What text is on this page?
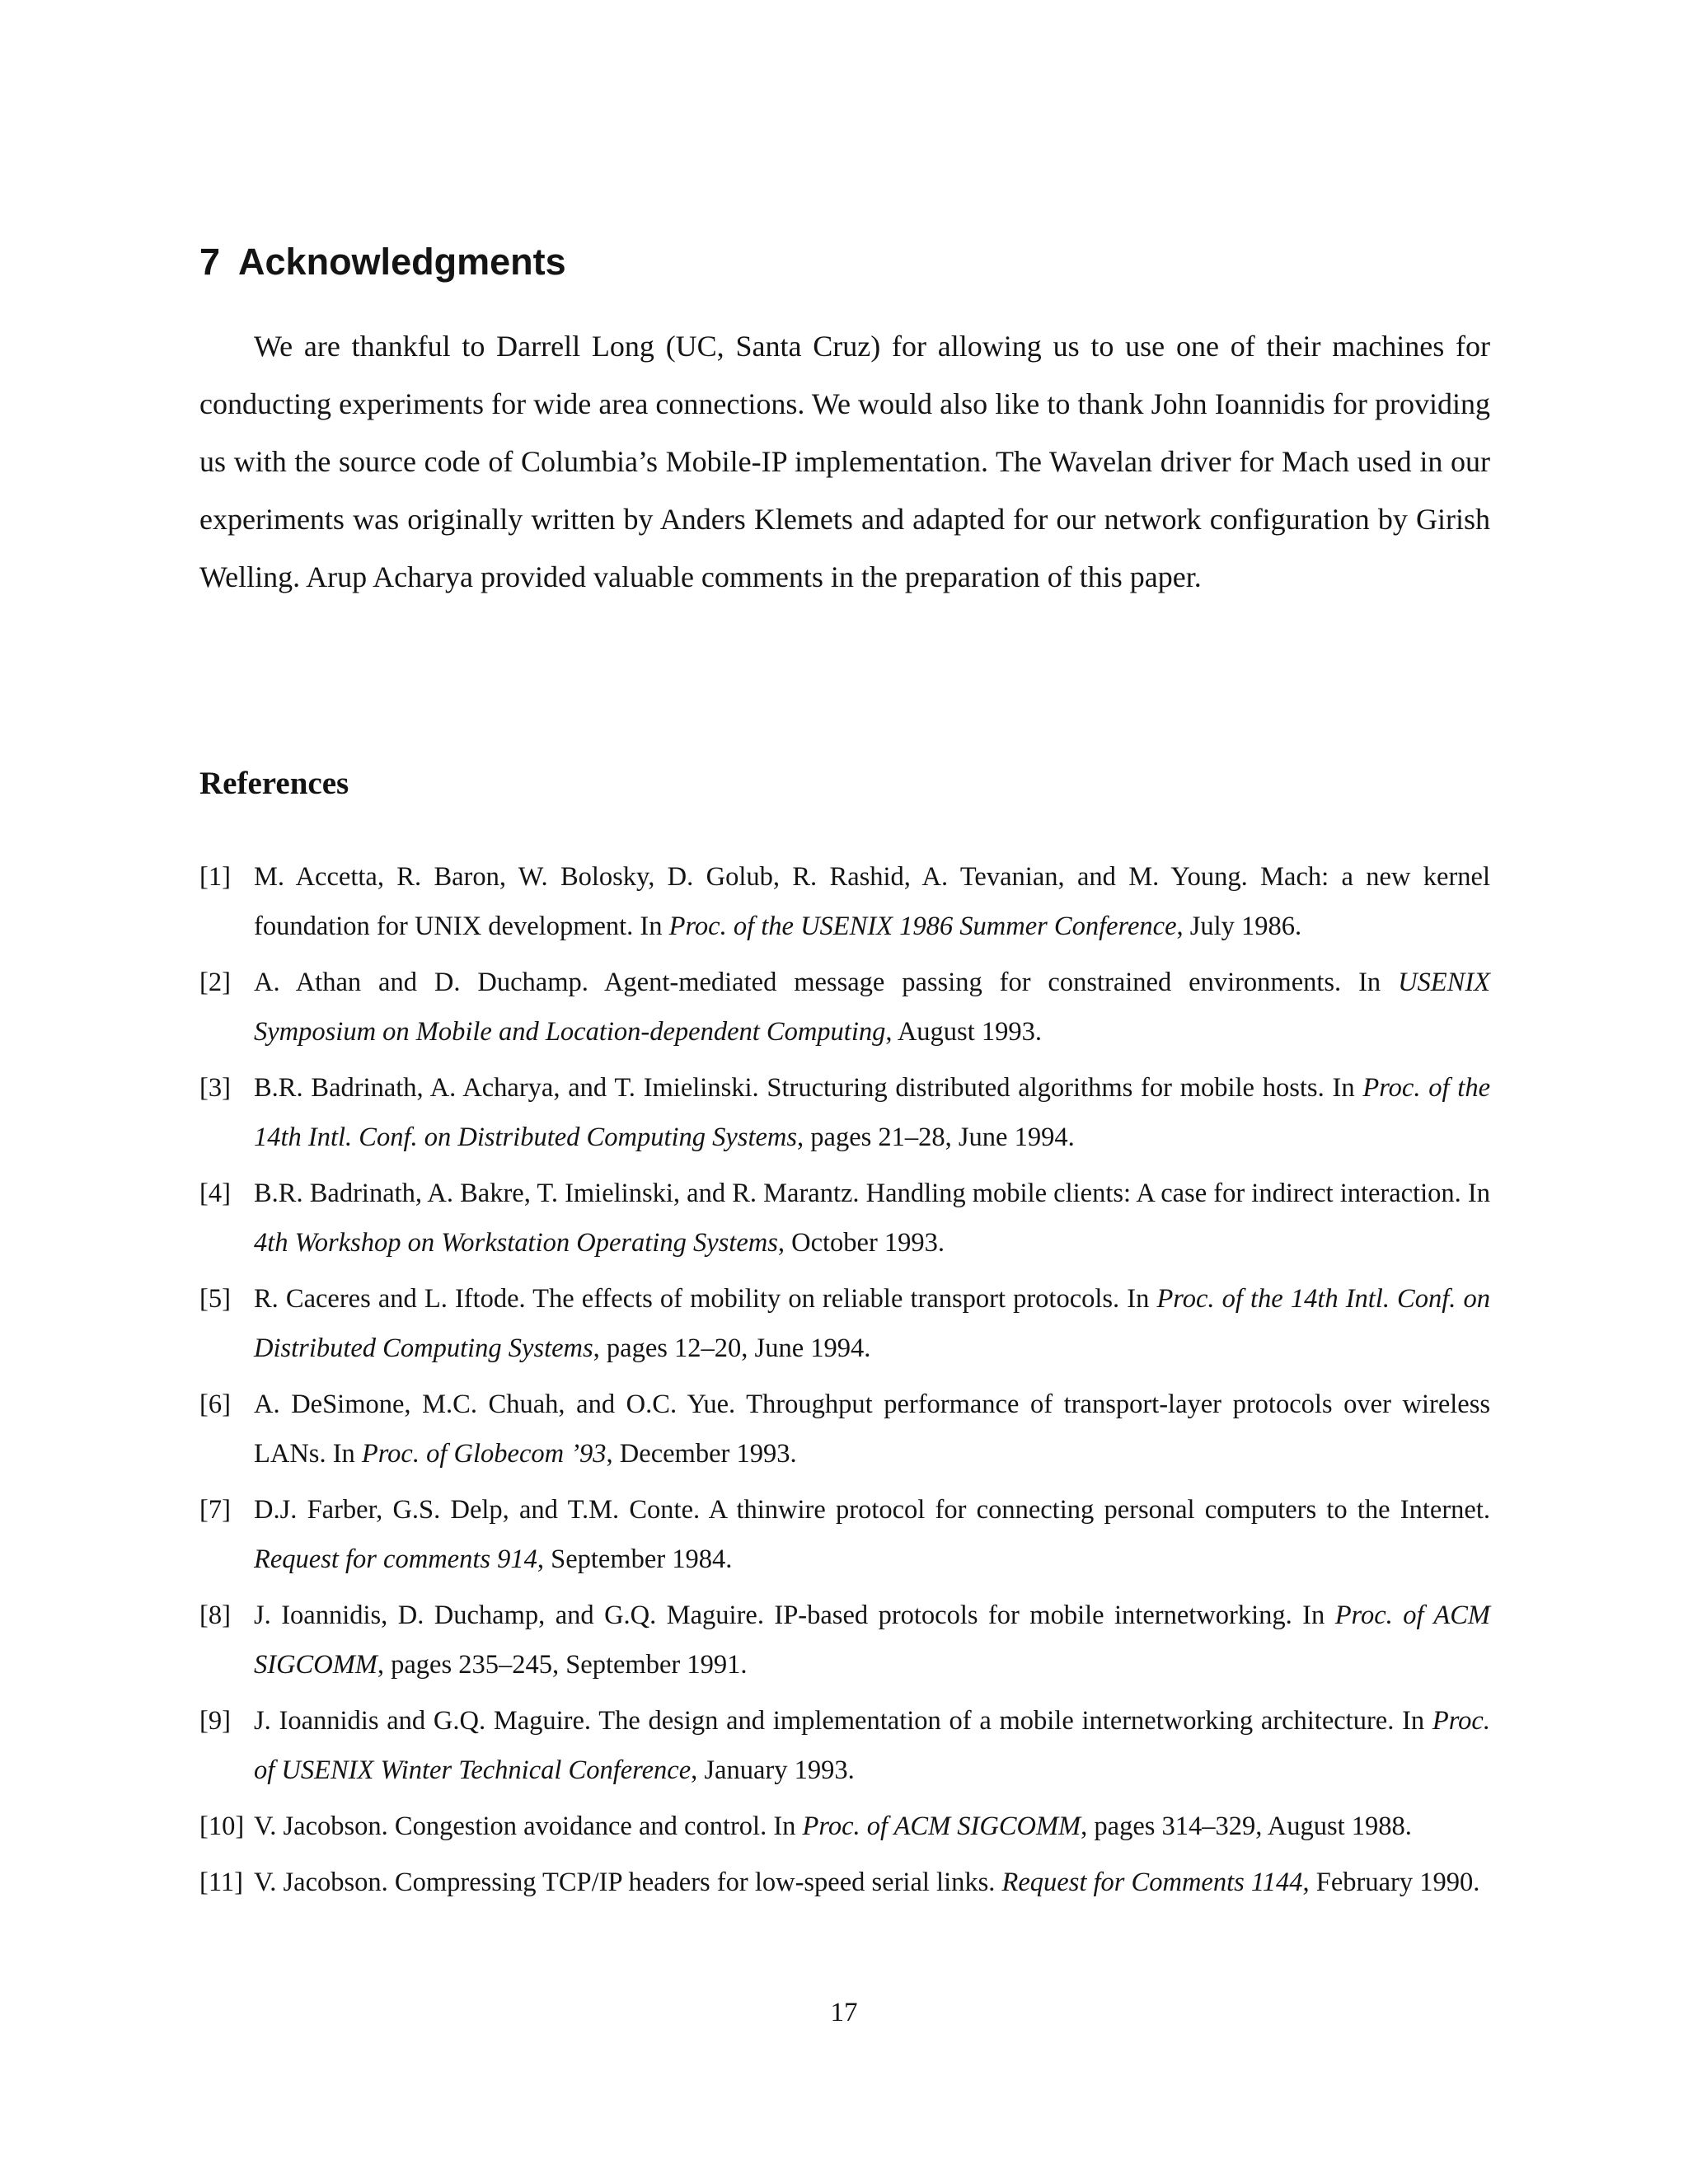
7 Acknowledgments

We are thankful to Darrell Long (UC, Santa Cruz) for allowing us to use one of their machines for conducting experiments for wide area connections. We would also like to thank John Ioannidis for providing us with the source code of Columbia’s Mobile-IP implementation. The Wavelan driver for Mach used in our experiments was originally written by Anders Klemets and adapted for our network configuration by Girish Welling. Arup Acharya provided valuable comments in the preparation of this paper.

References
[1] M. Accetta, R. Baron, W. Bolosky, D. Golub, R. Rashid, A. Tevanian, and M. Young. Mach: a new kernel foundation for UNIX development. In Proc. of the USENIX 1986 Summer Conference, July 1986.
[2] A. Athan and D. Duchamp. Agent-mediated message passing for constrained environments. In USENIX Symposium on Mobile and Location-dependent Computing, August 1993.
[3] B.R. Badrinath, A. Acharya, and T. Imielinski. Structuring distributed algorithms for mobile hosts. In Proc. of the 14th Intl. Conf. on Distributed Computing Systems, pages 21–28, June 1994.
[4] B.R. Badrinath, A. Bakre, T. Imielinski, and R. Marantz. Handling mobile clients: A case for indirect interaction. In 4th Workshop on Workstation Operating Systems, October 1993.
[5] R. Caceres and L. Iftode. The effects of mobility on reliable transport protocols. In Proc. of the 14th Intl. Conf. on Distributed Computing Systems, pages 12–20, June 1994.
[6] A. DeSimone, M.C. Chuah, and O.C. Yue. Throughput performance of transport-layer protocols over wireless LANs. In Proc. of Globecom ’93, December 1993.
[7] D.J. Farber, G.S. Delp, and T.M. Conte. A thinwire protocol for connecting personal computers to the Internet. Request for comments 914, September 1984.
[8] J. Ioannidis, D. Duchamp, and G.Q. Maguire. IP-based protocols for mobile internetworking. In Proc. of ACM SIGCOMM, pages 235–245, September 1991.
[9] J. Ioannidis and G.Q. Maguire. The design and implementation of a mobile internetworking architecture. In Proc. of USENIX Winter Technical Conference, January 1993.
[10] V. Jacobson. Congestion avoidance and control. In Proc. of ACM SIGCOMM, pages 314–329, August 1988.
[11] V. Jacobson. Compressing TCP/IP headers for low-speed serial links. Request for Comments 1144, February 1990.
17
